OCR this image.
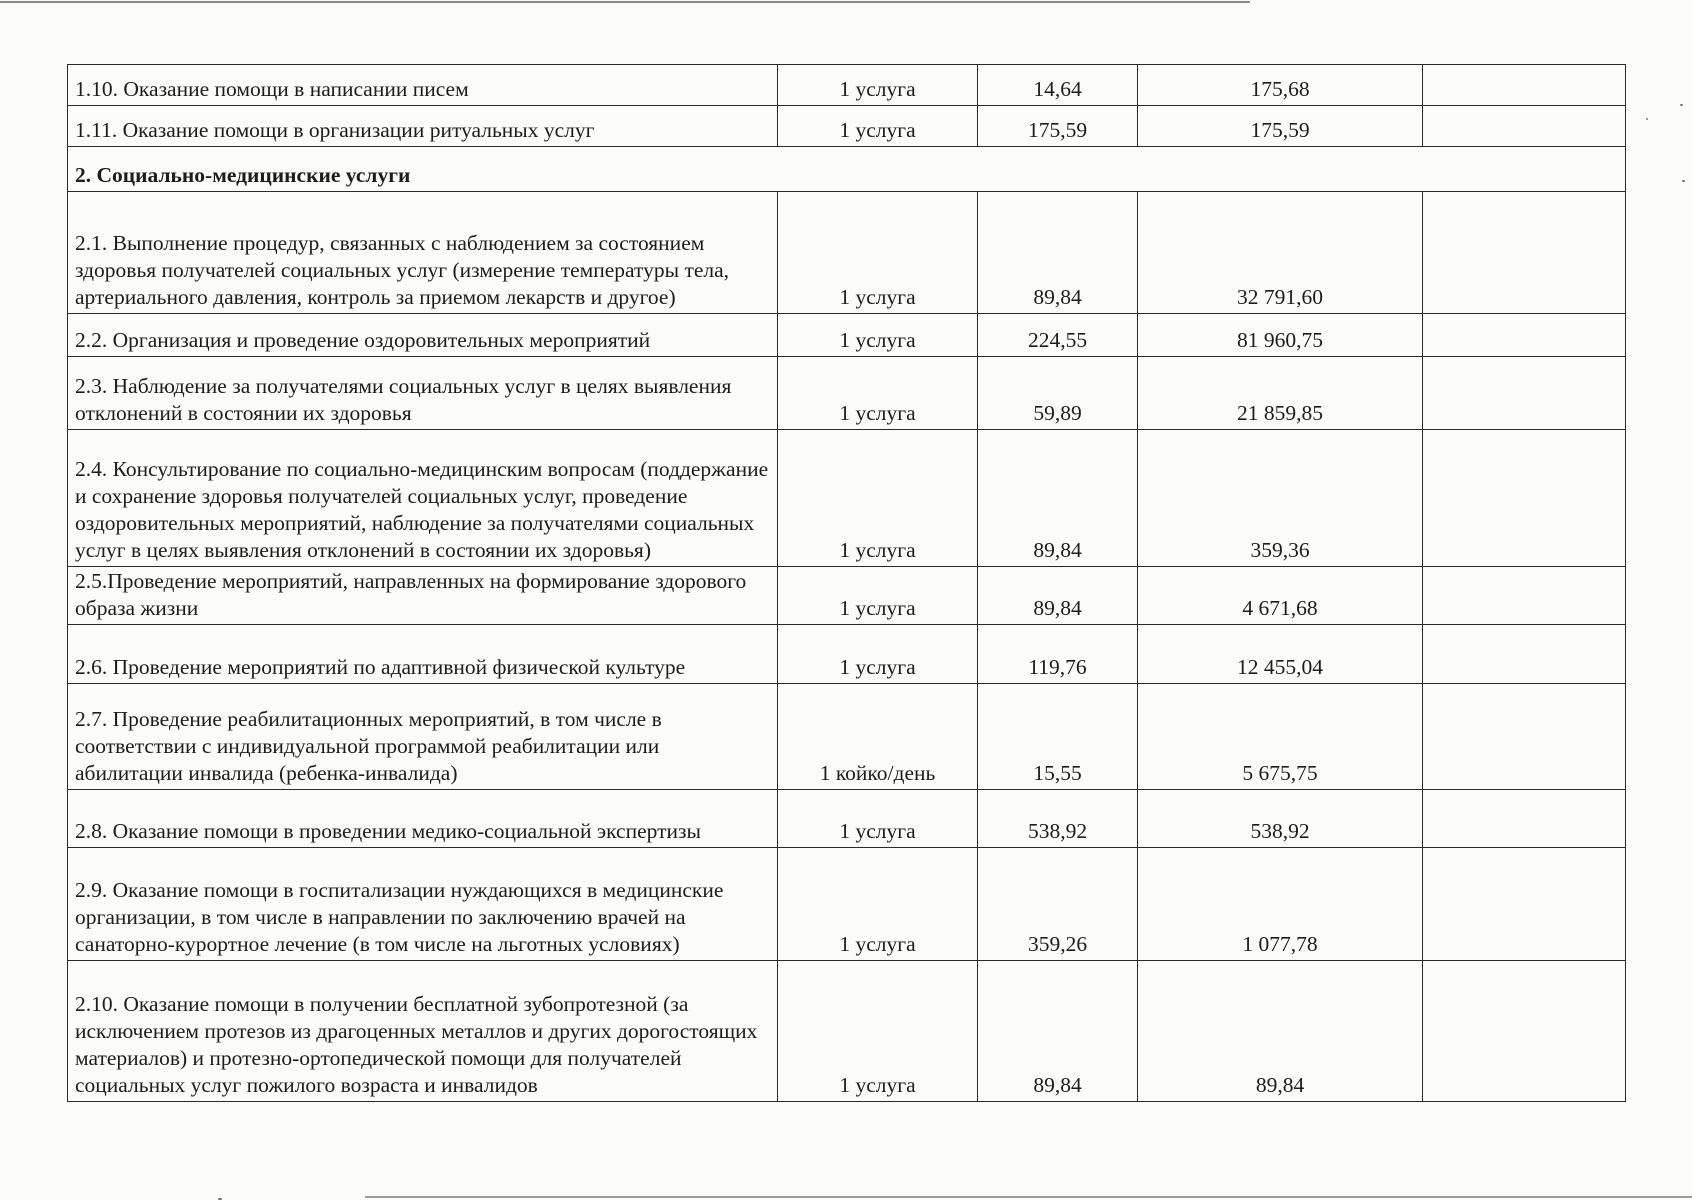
1.10. Оказание помощи в написании писем	1 услуга	14,64	175,68	
1.11. Оказание помощи в организации ритуальных услуг	1 услуга	175,59	175,59	
2. Социально-медицинские услуги				
2.1. Выполнение процедур, связанных с наблюдением за состоянием здоровья получателей социальных услуг (измерение температуры тела, артериального давления, контроль за приемом лекарств и другое)	1 услуга	89,84	32 791,60	
2.2. Организация и проведение оздоровительных мероприятий	1 услуга	224,55	81 960,75	
2.3. Наблюдение за получателями социальных услуг в целях выявления отклонений в состоянии их здоровья	1 услуга	59,89	21 859,85	
2.4. Консультирование по социально-медицинским вопросам (поддержание и сохранение здоровья получателей социальных услуг, проведение оздоровительных мероприятий, наблюдение за получателями социальных услуг в целях выявления отклонений в состоянии их здоровья)	1 услуга	89,84	359,36	
2.5.Проведение мероприятий, направленных на формирование здорового образа жизни	1 услуга	89,84	4 671,68	
2.6. Проведение мероприятий по адаптивной физической культуре	1 услуга	119,76	12 455,04	
2.7. Проведение реабилитационных мероприятий, в том числе в соответствии с индивидуальной программой реабилитации или абилитации инвалида (ребенка-инвалида)	1 койко/день	15,55	5 675,75	
2.8. Оказание помощи в проведении медико-социальной экспертизы	1 услуга	538,92	538,92	
2.9. Оказание помощи в госпитализации нуждающихся в медицинские организации, в том числе в направлении по заключению врачей на санаторно-курортное лечение (в том числе на льготных условиях)	1 услуга	359,26	1 077,78	
2.10. Оказание помощи в получении бесплатной зубопротезной (за исключением протезов из драгоценных металлов и других дорогостоящих материалов) и протезно-ортопедической помощи для получателей социальных услуг пожилого возраста и инвалидов	1 услуга	89,84	89,84	
